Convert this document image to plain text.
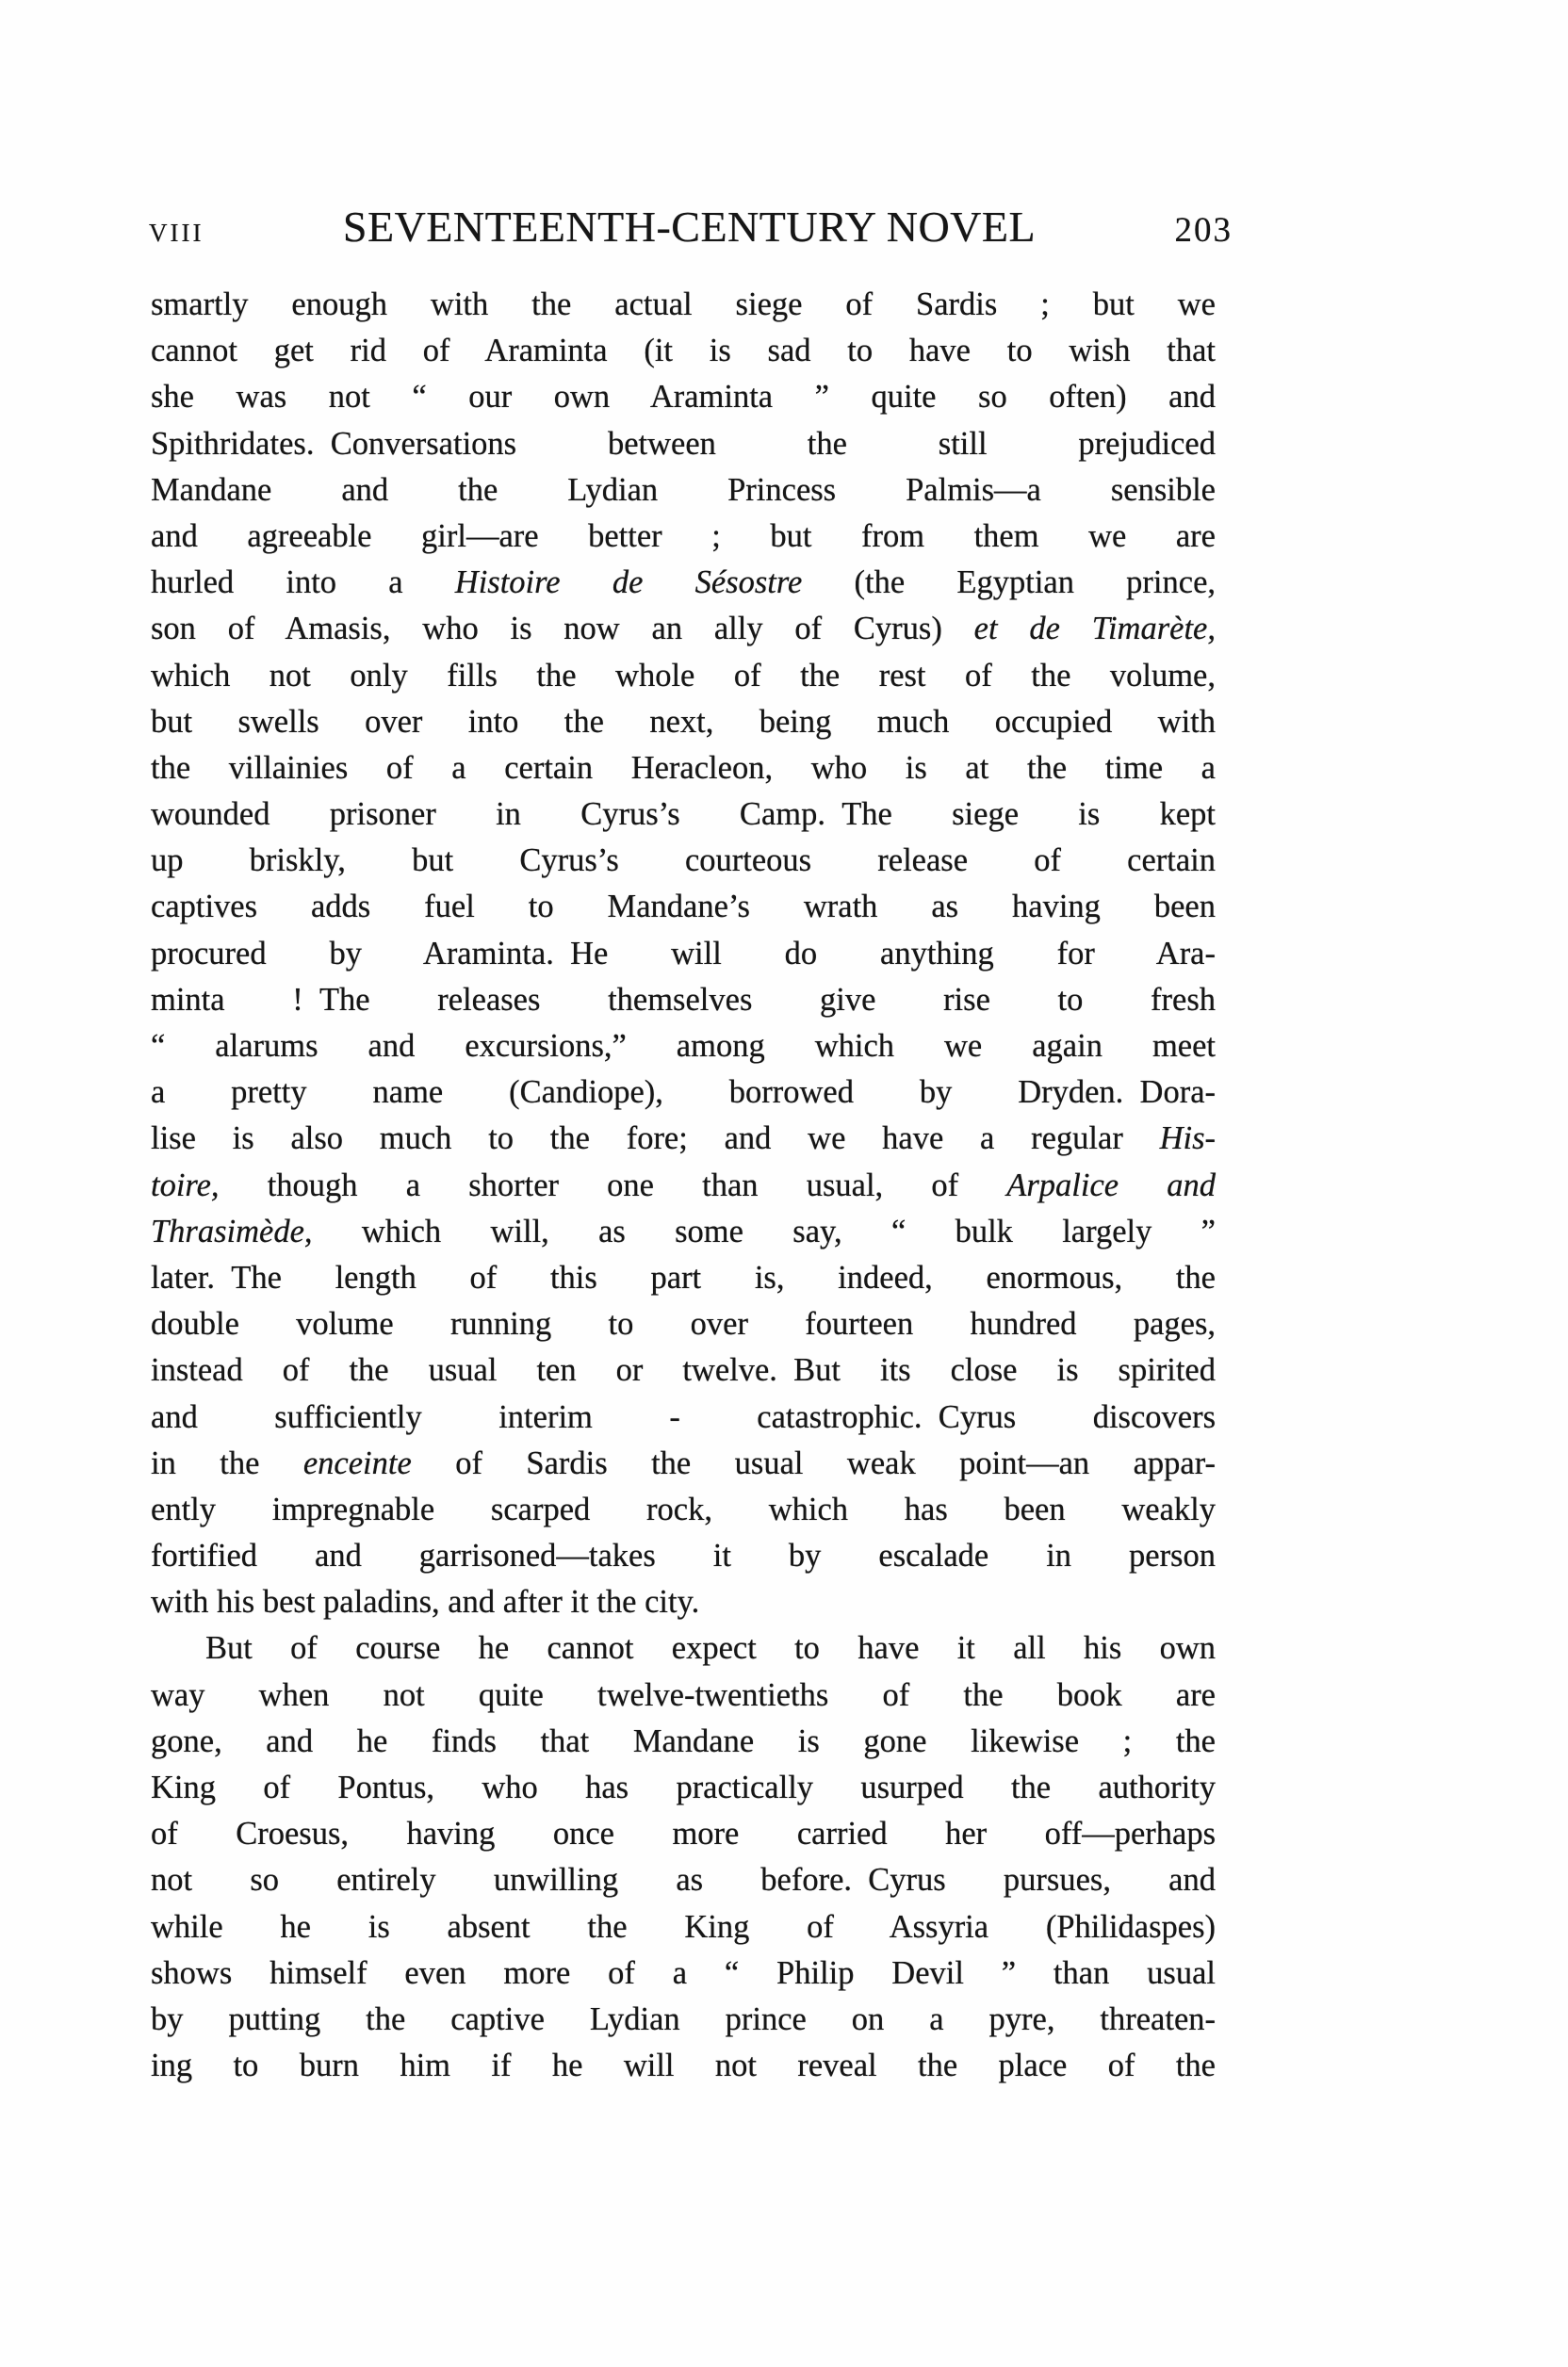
VIII	SEVENTEENTH-CENTURY NOVEL	203
smartly enough with the actual siege of Sardis ; but we
cannot get rid of Araminta (it is sad to have to wish that
she was not “ our own Araminta ” quite so often) and
Spithridates. Conversations between the still prejudiced
Mandane and the Lydian Princess Palmis—a sensible
and agreeable girl—are better ; but from them we are
hurled into a Histoire de Sésostre (the Egyptian prince,
son of Amasis, who is now an ally of Cyrus) et de Timarète,
which not only fills the whole of the rest of the volume,
but swells over into the next, being much occupied with
the villainies of a certain Heracleon, who is at the time a
wounded prisoner in Cyrus’s Camp. The siege is kept
up briskly, but Cyrus’s courteous release of certain
captives adds fuel to Mandane’s wrath as having been
procured by Araminta. He will do anything for Ara-
minta ! The releases themselves give rise to fresh
“ alarums and excursions,” among which we again meet
a pretty name (Candiope), borrowed by Dryden. Dora-
lise is also much to the fore; and we have a regular His-
toire, though a shorter one than usual, of Arpalice and
Thrasimède, which will, as some say, “ bulk largely ”
later. The length of this part is, indeed, enormous, the
double volume running to over fourteen hundred pages,
instead of the usual ten or twelve. But its close is spirited
and sufficiently interim - catastrophic. Cyrus discovers
in the enceinte of Sardis the usual weak point—an appar-
ently impregnable scarped rock, which has been weakly
fortified and garrisoned—takes it by escalade in person
with his best paladins, and after it the city.
But of course he cannot expect to have it all his own
way when not quite twelve-twentieths of the book are
gone, and he finds that Mandane is gone likewise ; the
King of Pontus, who has practically usurped the authority
of Croesus, having once more carried her off—perhaps
not so entirely unwilling as before. Cyrus pursues, and
while he is absent the King of Assyria (Philidaspes)
shows himself even more of a “ Philip Devil ” than usual
by putting the captive Lydian prince on a pyre, threaten-
ing to burn him if he will not reveal the place of the
